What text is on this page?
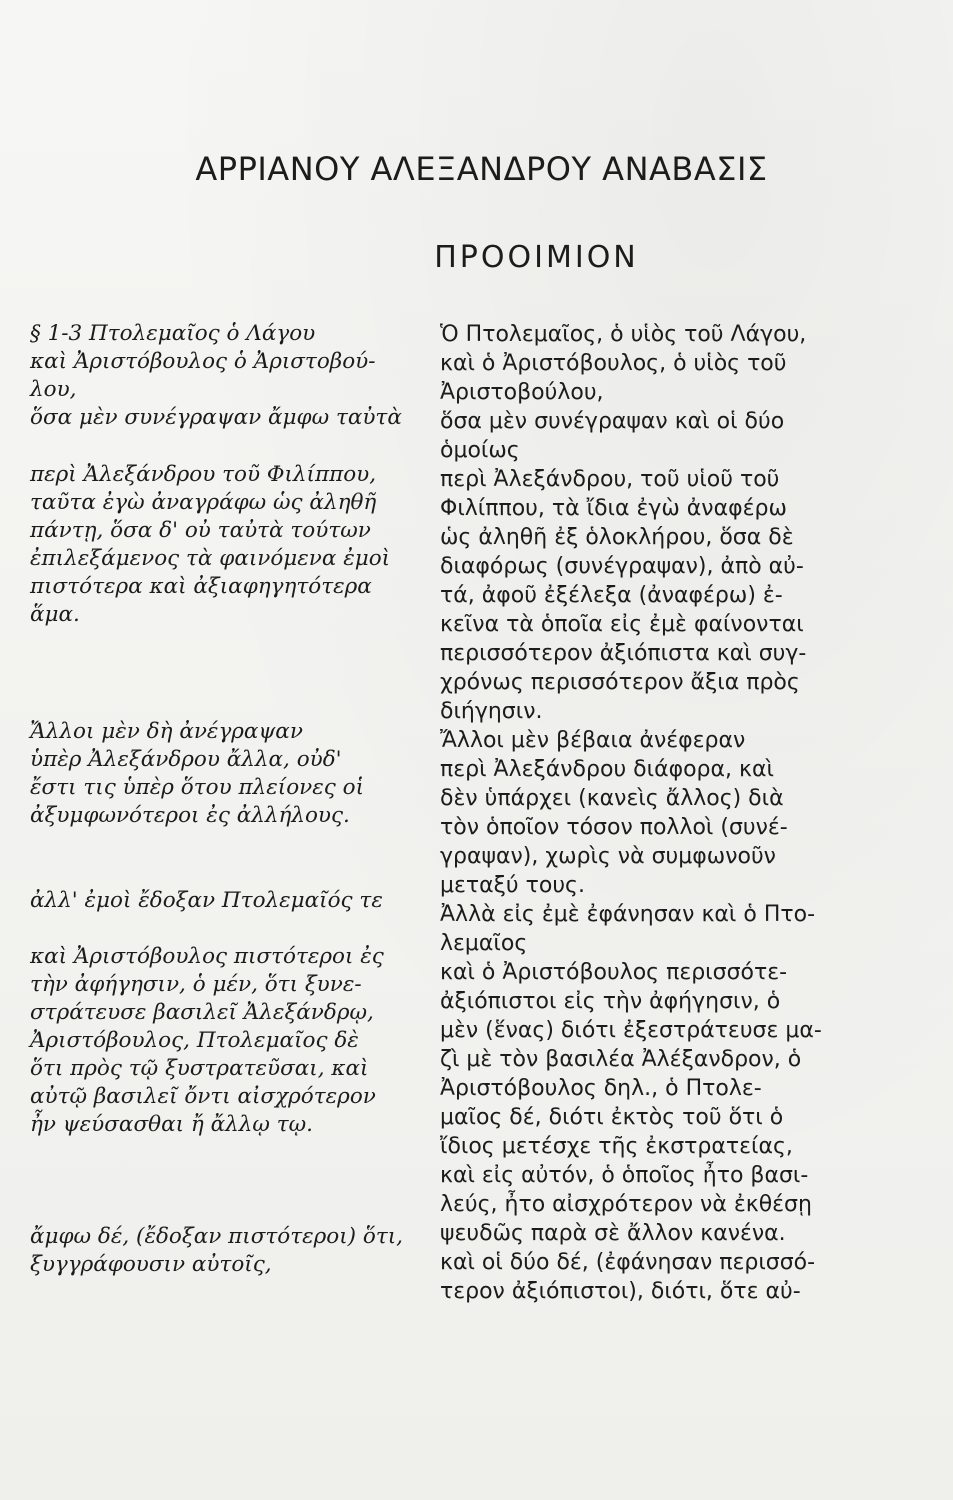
ΑΡΡΙΑΝΟΥ ΑΛΕΞΑΝΔΡΟΥ ΑΝΑΒΑΣΙΣ
ΠΡΟΟΙΜΙΟΝ

§ 1-3 Πτολεμαῖος ὁ Λάγου

καὶ Ἀριστόβουλος ὁ Ἀριστοβού-

λου,

ὅσα μὲν συνέγραψαν ἄμφω ταὐτὰ

περὶ Ἀλεξάνδρου τοῦ Φιλίππου,

ταῦτα ἐγὼ ἀναγράφω ὡς ἀληθῆ

πάντῃ, ὅσα δ' οὐ ταὐτὰ τούτων

ἐπιλεξάμενος τὰ φαινόμενα ἐμοὶ

πιστότερα καὶ ἀξιαφηγητότερα

ἅμα.

Ἄλλοι μὲν δὴ ἀνέγραψαν

ὑπὲρ Ἀλεξάνδρου ἄλλα, οὐδ'

ἔστι τις ὑπὲρ ὅτου πλείονες οἱ

ἀξυμφωνότεροι ἐς ἀλλήλους.

ἀλλ' ἐμοὶ ἔδοξαν Πτολεμαῖός τε

καὶ Ἀριστόβουλος πιστότεροι ἐς

τὴν ἀφήγησιν, ὁ μέν, ὅτι ξυνε-

στράτευσε βασιλεῖ Ἀλεξάνδρῳ,

Ἀριστόβουλος, Πτολεμαῖος δὲ

ὅτι πρὸς τῷ ξυστρατεῦσαι, καὶ

αὐτῷ βασιλεῖ ὄντι αἰσχρότερον

ἦν ψεύσασθαι ἤ ἄλλῳ τῳ.

ἄμφω δέ, (ἔδοξαν πιστότεροι) ὅτι,

ξυγγράφουσιν αὐτοῖς,

Ὁ Πτολεμαῖος, ὁ υἱὸς τοῦ Λάγου,

καὶ ὁ Ἀριστόβουλος, ὁ υἱὸς τοῦ

Ἀριστοβούλου,

ὅσα μὲν συνέγραψαν καὶ οἱ δύο

ὁμοίως

περὶ Ἀλεξάνδρου, τοῦ υἱοῦ τοῦ

Φιλίππου, τὰ ἴδια ἐγὼ ἀναφέρω

ὡς ἀληθῆ ἐξ ὁλοκλήρου, ὅσα δὲ

διαφόρως (συνέγραψαν), ἀπὸ αὐ-

τά, ἀφοῦ ἐξέλεξα (ἀναφέρω) ἐ-

κεῖνα τὰ ὁποῖα εἰς ἐμὲ φαίνονται

περισσότερον ἀξιόπιστα καὶ συγ-

χρόνως περισσότερον ἄξια πρὸς

διήγησιν.

Ἄλλοι μὲν βέβαια ἀνέφεραν

περὶ Ἀλεξάνδρου διάφορα, καὶ

δὲν ὑπάρχει (κανεὶς ἄλλος) διὰ

τὸν ὁποῖον τόσον πολλοὶ (συνέ-

γραψαν), χωρὶς νὰ συμφωνοῦν

μεταξύ τους.

Ἀλλὰ εἰς ἐμὲ ἐφάνησαν καὶ ὁ Πτο-

λεμαῖος

καὶ ὁ Ἀριστόβουλος περισσότε-

ἀξιόπιστοι εἰς τὴν ἀφήγησιν, ὁ

μὲν (ἕνας) διότι ἐξεστράτευσε μα-

ζὶ μὲ τὸν βασιλέα Ἀλέξανδρον, ὁ

Ἀριστόβουλος δηλ., ὁ Πτολε-

μαῖος δέ, διότι ἐκτὸς τοῦ ὅτι ὁ

ἴδιος μετέσχε τῆς ἐκστρατείας,

καὶ εἰς αὐτόν, ὁ ὁποῖος ἦτο βασι-

λεύς, ἦτο αἰσχρότερον νὰ ἐκθέσῃ

ψευδῶς παρὰ σὲ ἄλλον κανένα.

καὶ οἱ δύο δέ, (ἐφάνησαν περισσό-

τερον ἀξιόπιστοι), διότι, ὅτε αὐ-
